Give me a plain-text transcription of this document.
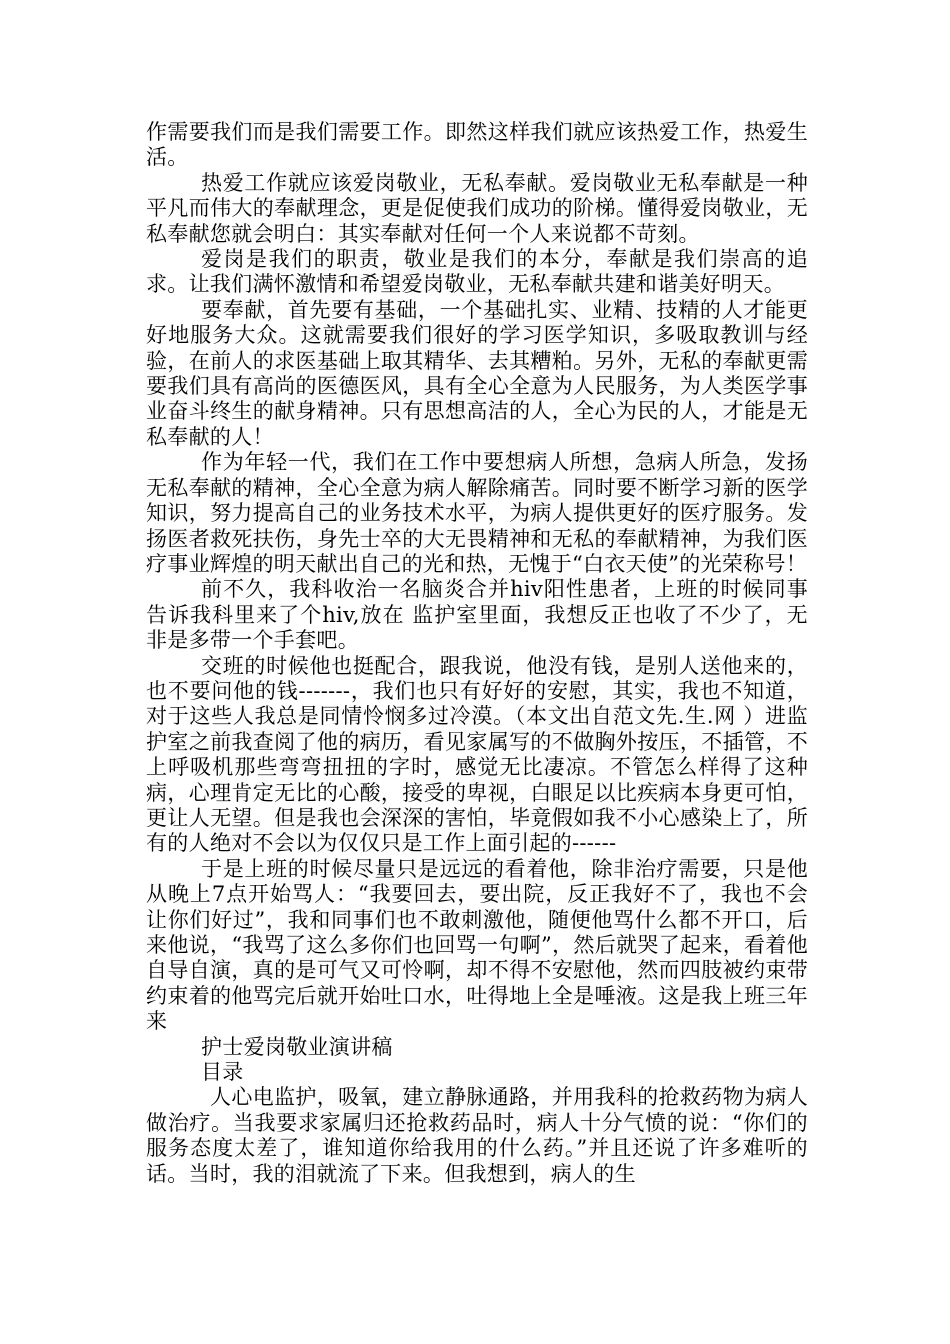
作需要我们而是我们需要工作。即然这样我们就应该热爱工作，热爱生活。

热爱工作就应该爱岗敬业，无私奉献。爱岗敬业无私奉献是一种平凡而伟大的奉献理念，更是促使我们成功的阶梯。懂得爱岗敬业，无私奉献您就会明白：其实奉献对任何一个人来说都不苛刻。

爱岗是我们的职责，敬业是我们的本分，奉献是我们崇高的追求。让我们满怀激情和希望爱岗敬业，无私奉献共建和谐美好明天。

要奉献，首先要有基础，一个基础扎实、业精、技精的人才能更好地服务大众。这就需要我们很好的学习医学知识，多吸取教训与经验，在前人的求医基础上取其精华、去其糟粕。另外，无私的奉献更需要我们具有高尚的医德医风，具有全心全意为人民服务，为人类医学事业奋斗终生的献身精神。只有思想高洁的人，全心为民的人，才能是无私奉献的人！

作为年轻一代，我们在工作中要想病人所想，急病人所急，发扬无私奉献的精神，全心全意为病人解除痛苦。同时要不断学习新的医学知识，努力提高自己的业务技术水平，为病人提供更好的医疗服务。发扬医者救死扶伤，身先士卒的大无畏精神和无私的奉献精神，为我们医疗事业辉煌的明天献出自己的光和热，无愧于“白衣天使”的光荣称号！

前不久，我科收治一名脑炎合并hiv阳性患者，上班的时候同事告诉我科里来了个hiv,放在 监护室里面，我想反正也收了不少了，无非是多带一个手套吧。

交班的时候他也挺配合，跟我说，他没有钱，是别人送他来的，也不要问他的钱-------，我们也只有好好的安慰，其实，我也不知道，对于这些人我总是同情怜悯多过冷漠。（本文出自范文先.生.网 ）进监护室之前我查阅了他的病历，看见家属写的不做胸外按压，不插管，不上呼吸机那些弯弯扭扭的字时，感觉无比凄凉。不管怎么样得了这种病，心理肯定无比的心酸，接受的卑视，白眼足以比疾病本身更可怕，更让人无望。但是我也会深深的害怕，毕竟假如我不小心感染上了，所有的人绝对不会以为仅仅只是工作上面引起的------

于是上班的时候尽量只是远远的看着他，除非治疗需要，只是他从晚上7点开始骂人：“我要回去，要出院，反正我好不了，我也不会让你们好过”，我和同事们也不敢刺激他，随便他骂什么都不开口，后来他说，“我骂了这么多你们也回骂一句啊”，然后就哭了起来，看着他自导自演，真的是可气又可怜啊，却不得不安慰他，然而四肢被约束带约束着的他骂完后就开始吐口水，吐得地上全是唾液。这是我上班三年来

护士爱岗敬业演讲稿

目录

人心电监护，吸氧，建立静脉通路，并用我科的抢救药物为病人做治疗。当我要求家属归还抢救药品时，病人十分气愤的说：“你们的服务态度太差了，谁知道你给我用的什么药。”并且还说了许多难听的话。当时，我的泪就流了下来。但我想到，病人的生
